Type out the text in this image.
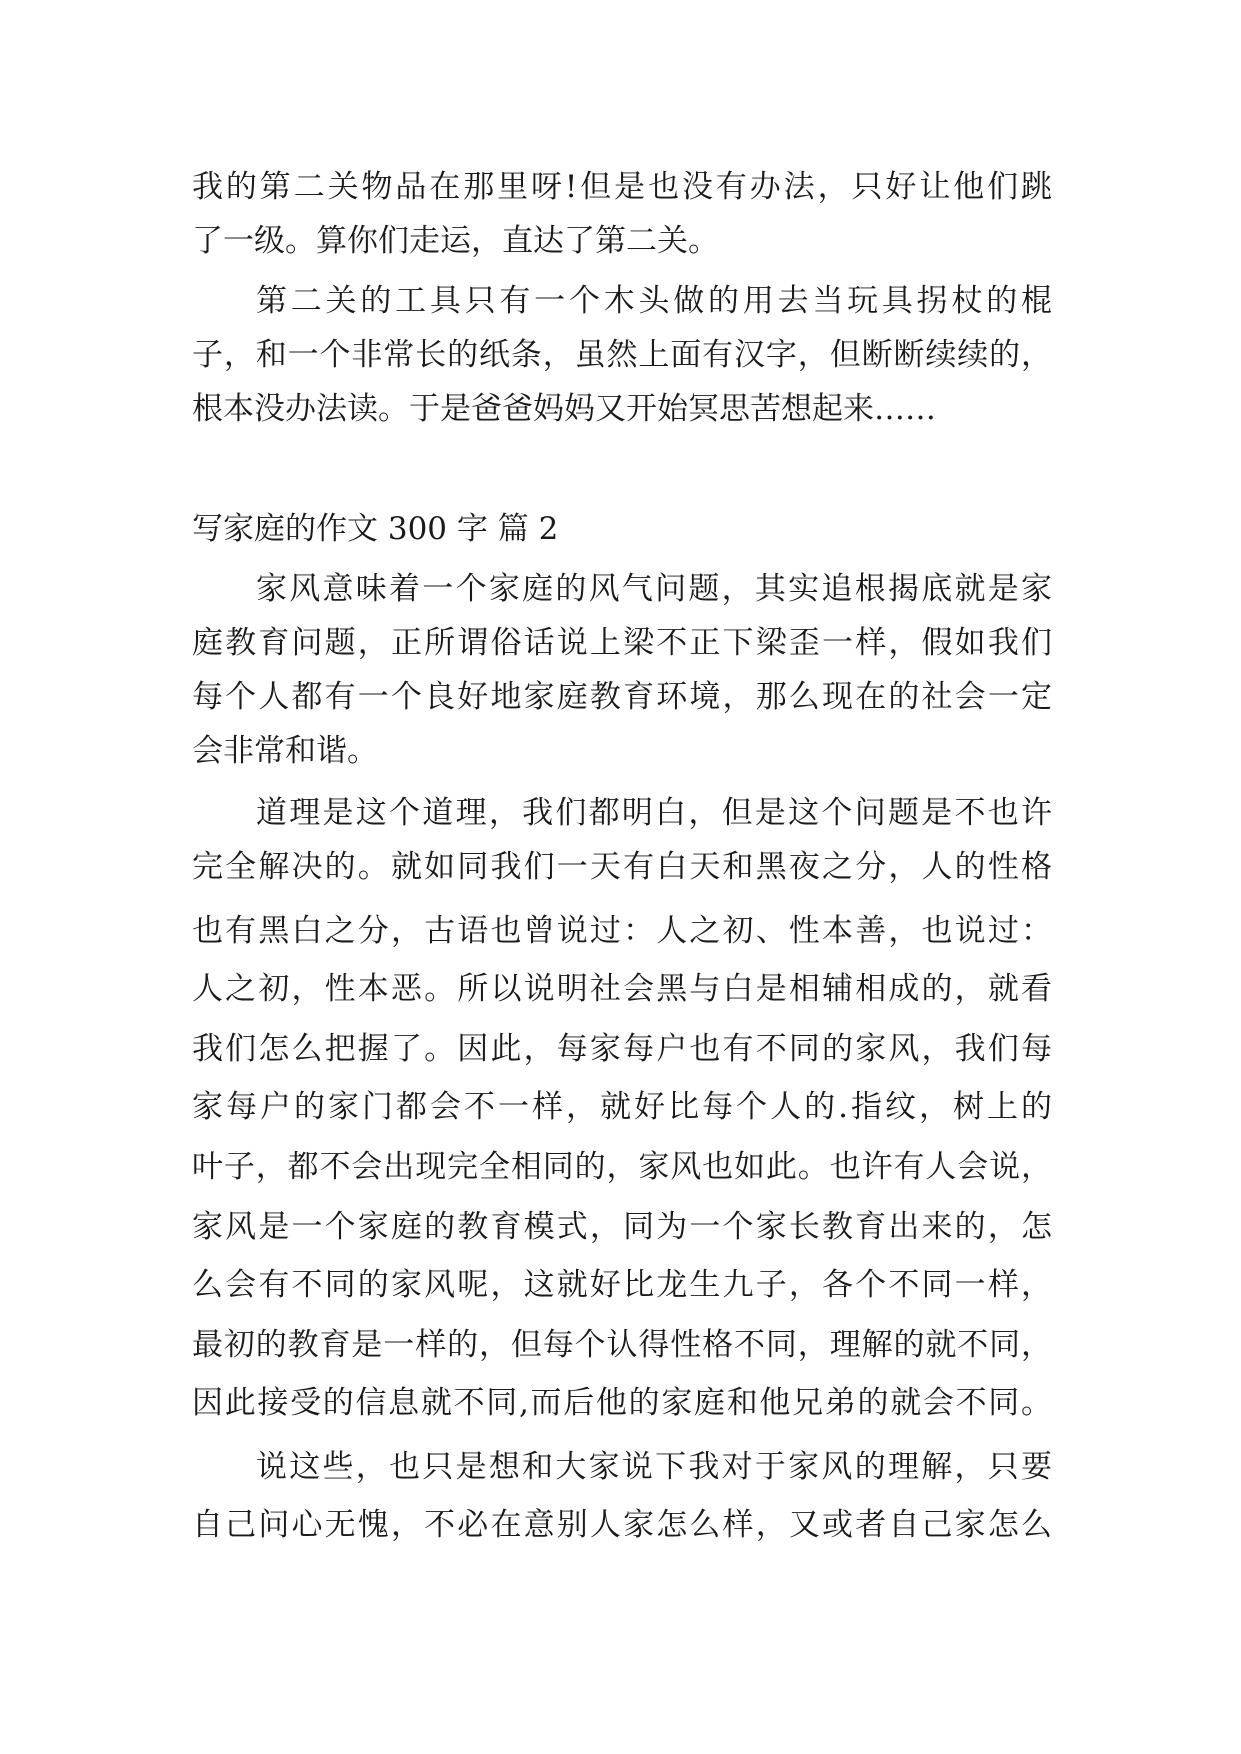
我的第二关物品在那里呀!但是也没有办法，只好让他们跳
了一级。算你们走运，直达了第二关。
第二关的工具只有一个木头做的用去当玩具拐杖的棍
子，和一个非常长的纸条，虽然上面有汉字，但断断续续的，
根本没办法读。于是爸爸妈妈又开始冥思苦想起来……
写家庭的作文 300 字 篇 2
家风意味着一个家庭的风气问题，其实追根揭底就是家
庭教育问题，正所谓俗话说上梁不正下梁歪一样，假如我们
每个人都有一个良好地家庭教育环境，那么现在的社会一定
会非常和谐。
道理是这个道理，我们都明白，但是这个问题是不也许
完全解决的。就如同我们一天有白天和黑夜之分，人的性格
也有黑白之分，古语也曾说过：人之初、性本善，也说过：
人之初，性本恶。所以说明社会黑与白是相辅相成的，就看
我们怎么把握了。因此，每家每户也有不同的家风，我们每
家每户的家门都会不一样，就好比每个人的.指纹，树上的
叶子，都不会出现完全相同的，家风也如此。也许有人会说，
家风是一个家庭的教育模式，同为一个家长教育出来的，怎
么会有不同的家风呢，这就好比龙生九子，各个不同一样，
最初的教育是一样的，但每个认得性格不同，理解的就不同，
因此接受的信息就不同,而后他的家庭和他兄弟的就会不同。
说这些，也只是想和大家说下我对于家风的理解，只要
自己问心无愧，不必在意别人家怎么样，又或者自己家怎么
